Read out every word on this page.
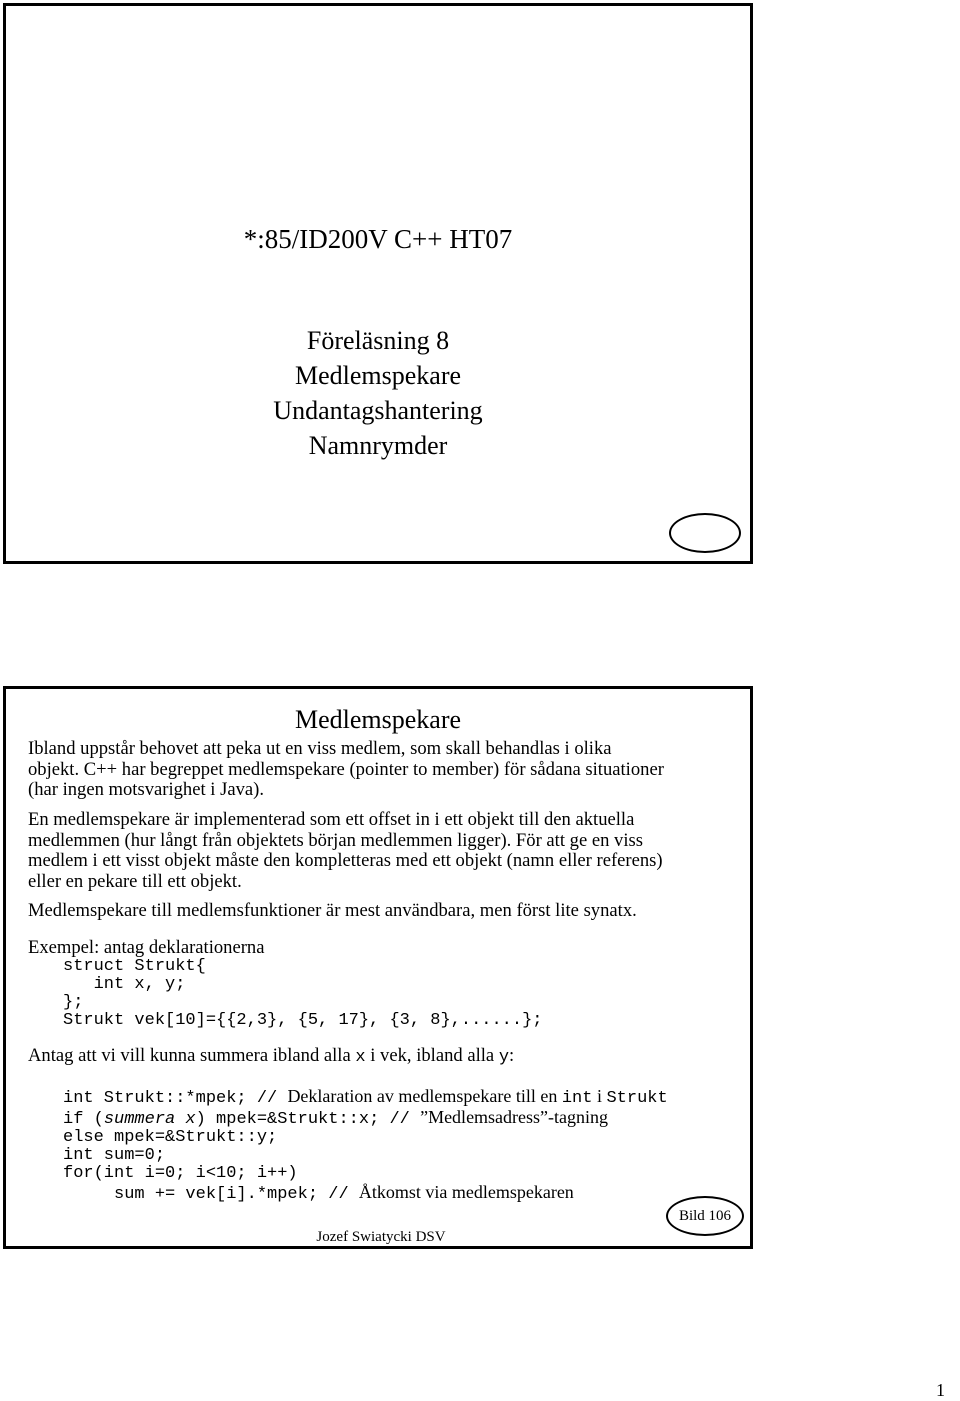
*:85/ID200V C++ HT07
Föreläsning 8
Medlemspekare
Undantagshantering
Namnrymder
Medlemspekare
Ibland uppstår behovet att peka ut en viss medlem, som skall behandlas i olika
objekt. C++ har begreppet medlemspekare (pointer to member) för sådana situationer
(har ingen motsvarighet i Java).
En medlemspekare är implementerad som ett offset in i ett objekt till den aktuella
medlemmen (hur långt från objektets början medlemmen ligger). För att ge en viss
medlem i ett visst objekt måste den kompletteras med ett objekt (namn eller referens)
eller en pekare till ett objekt.
Medlemspekare till medlemsfunktioner är mest användbara, men först lite synatx.
Exempel: antag deklarationerna
struct Strukt{
int x, y;
};
Strukt vek[10]={{2,3}, {5, 17}, {3, 8},......};
Antag att vi vill kunna summera ibland alla x i vek, ibland alla y:
int Strukt::*mpek; // Deklaration av medlemspekare till en int i Strukt
if (summera x) mpek=&Strukt::x; // ”Medlemsadress”-tagning
else mpek=&Strukt::y;
int sum=0;
for(int i=0; i<10; i++)
sum += vek[i].*mpek; // Åtkomst via medlemspekaren
Bild 106
Jozef Swiatycki DSV
1
